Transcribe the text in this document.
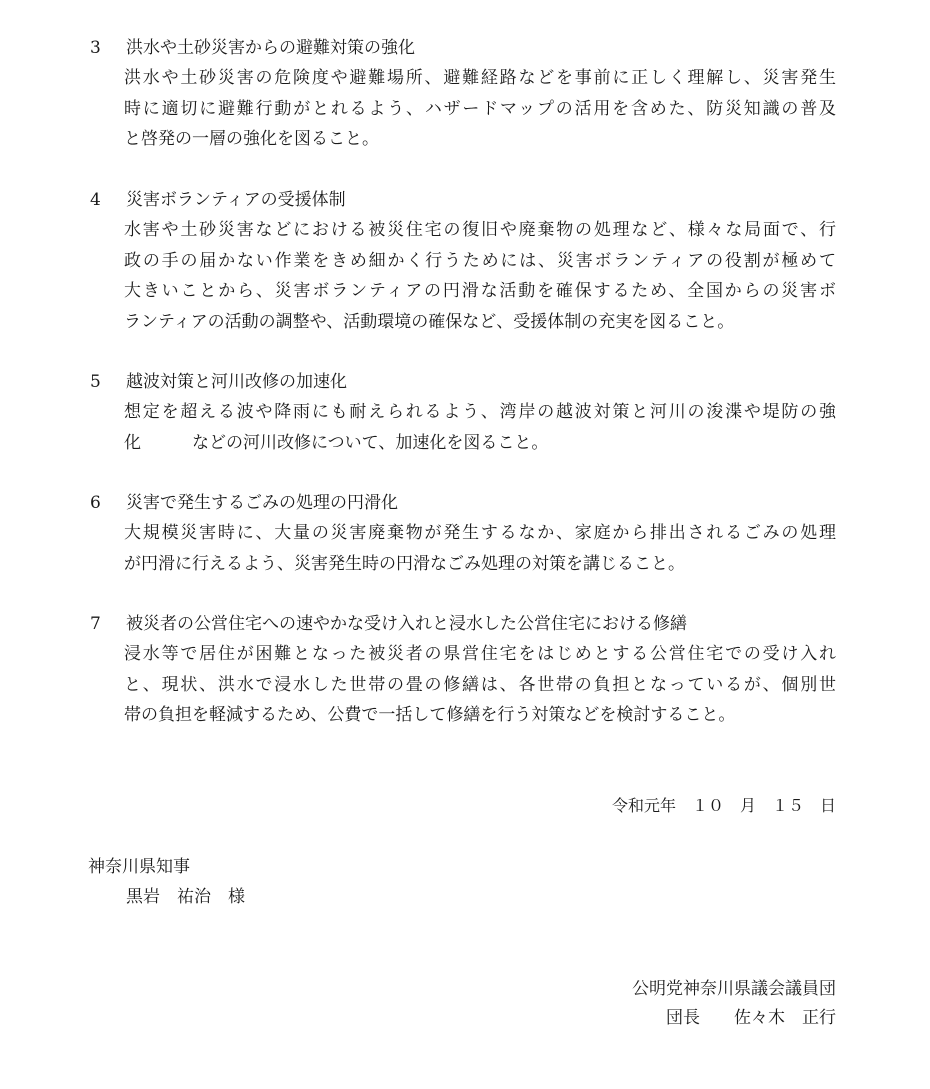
3	洪水や土砂災害からの避難対策の強化
洪水や土砂災害の危険度や避難場所、避難経路などを事前に正しく理解し、災害発生
時に適切に避難行動がとれるよう、ハザードマップの活用を含めた、防災知識の普及
と啓発の一層の強化を図ること。
4	災害ボランティアの受援体制
水害や土砂災害などにおける被災住宅の復旧や廃棄物の処理など、様々な局面で、行
政の手の届かない作業をきめ細かく行うためには、災害ボランティアの役割が極めて
大きいことから、災害ボランティアの円滑な活動を確保するため、全国からの災害ボ
ランティアの活動の調整や、活動環境の確保など、受援体制の充実を図ること。
5	越波対策と河川改修の加速化
想定を超える波や降雨にも耐えられるよう、湾岸の越波対策と河川の浚渫や堤防の強
化　　　などの河川改修について、加速化を図ること。
6	災害で発生するごみの処理の円滑化
大規模災害時に、大量の災害廃棄物が発生するなか、家庭から排出されるごみの処理
が円滑に行えるよう、災害発生時の円滑なごみ処理の対策を講じること。
7	被災者の公営住宅への速やかな受け入れと浸水した公営住宅における修繕
浸水等で居住が困難となった被災者の県営住宅をはじめとする公営住宅での受け入れ
と、現状、洪水で浸水した世帯の畳の修繕は、各世帯の負担となっているが、個別世
帯の負担を軽減するため、公費で一括して修繕を行う対策などを検討すること。
令和元年　１０　月　１５　日
神奈川県知事
黒岩　祐治　様
公明党神奈川県議会議員団
団長　　佐々木　正行
